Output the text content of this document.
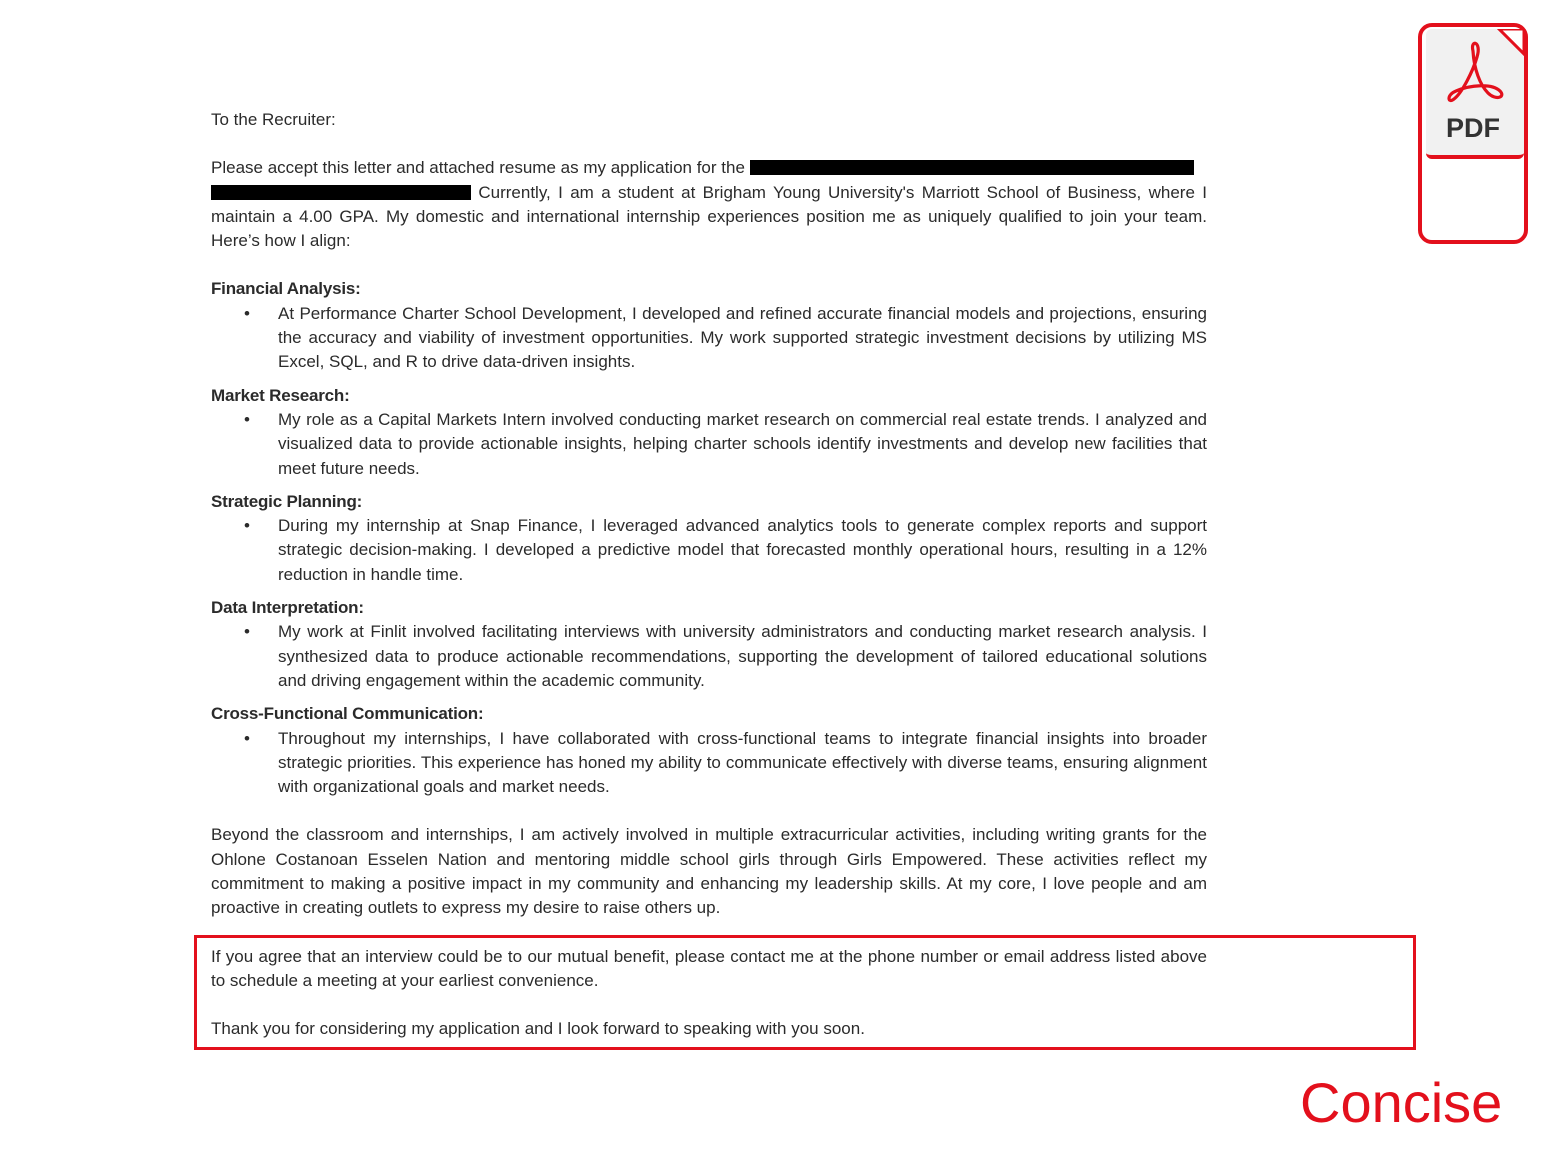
To the Recruiter:

Please accept this letter and attached resume as my application for the
Currently, I am a student at Brigham Young University's Marriott School of Business, where I maintain a 4.00 GPA. My domestic and international internship experiences position me as uniquely qualified to join your team. Here’s how I align:

Financial Analysis:

•	At Performance Charter School Development, I developed and refined accurate financial models and projections, ensuring the accuracy and viability of investment opportunities. My work supported strategic investment decisions by utilizing MS Excel, SQL, and R to drive data-driven insights.

Market Research:

•	My role as a Capital Markets Intern involved conducting market research on commercial real estate trends. I analyzed and visualized data to provide actionable insights, helping charter schools identify investments and develop new facilities that meet future needs.

Strategic Planning:

•	During my internship at Snap Finance, I leveraged advanced analytics tools to generate complex reports and support strategic decision-making. I developed a predictive model that forecasted monthly operational hours, resulting in a 12% reduction in handle time.

Data Interpretation:

•	My work at Finlit involved facilitating interviews with university administrators and conducting market research analysis. I synthesized data to produce actionable recommendations, supporting the development of tailored educational solutions and driving engagement within the academic community.

Cross-Functional Communication:

•	Throughout my internships, I have collaborated with cross-functional teams to integrate financial insights into broader strategic priorities. This experience has honed my ability to communicate effectively with diverse teams, ensuring alignment with organizational goals and market needs.

Beyond the classroom and internships, I am actively involved in multiple extracurricular activities, including writing grants for the Ohlone Costanoan Esselen Nation and mentoring middle school girls through Girls Empowered. These activities reflect my commitment to making a positive impact in my community and enhancing my leadership skills. At my core, I love people and am proactive in creating outlets to express my desire to raise others up.

If you agree that an interview could be to our mutual benefit, please contact me at the phone number or email address listed above to schedule a meeting at your earliest convenience.

Thank you for considering my application and I look forward to speaking with you soon.

PDF
Concise
